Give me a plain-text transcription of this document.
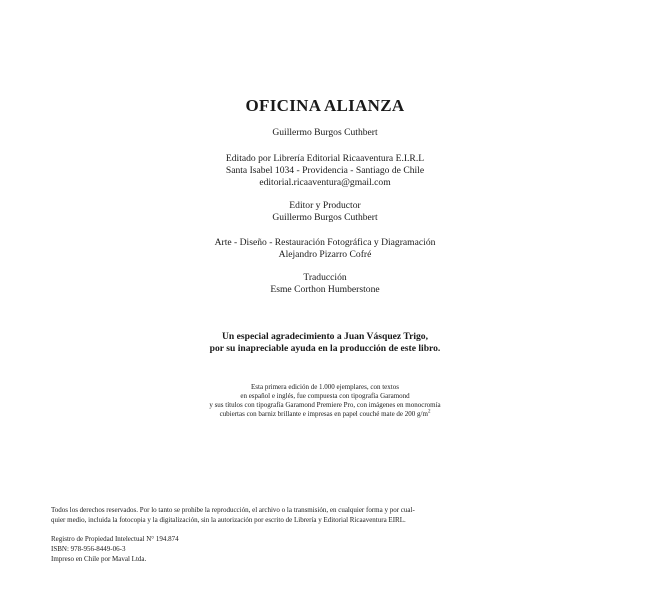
OFICINA ALIANZA
Guillermo Burgos Cuthbert
Editado por Librería Editorial Ricaaventura E.I.R.L
Santa Isabel 1034 - Providencia - Santiago de Chile
editorial.ricaaventura@gmail.com
Editor y Productor
Guillermo Burgos Cuthbert
Arte - Diseño - Restauración Fotográfica y Diagramación
Alejandro Pizarro Cofré
Traducción
Esme Corthon Humberstone
Un especial agradecimiento a Juan Vásquez Trigo,
por su inapreciable ayuda en la producción de este libro.
Esta primera edición de 1.000 ejemplares, con textos
en español e inglés, fue compuesta con tipografía Garamond
y sus títulos con tipografía Garamond Premiere Pro, con imágenes en monocromía
cubiertas con barniz brillante e impresas en papel couché mate de 200 $g/m^2$
Todos los derechos reservados. Por lo tanto se prohibe la reproducción, el archivo o la transmisión, en cualquier forma y por cual-
quier medio, incluida la fotocopia y la digitalización, sin la autorización por escrito de Librería y Editorial Ricaaventura EIRL.
Registro de Propiedad Intelectual N° 194.874
ISBN: 978-956-8449-06-3
Impreso en Chile por Maval Ltda.
